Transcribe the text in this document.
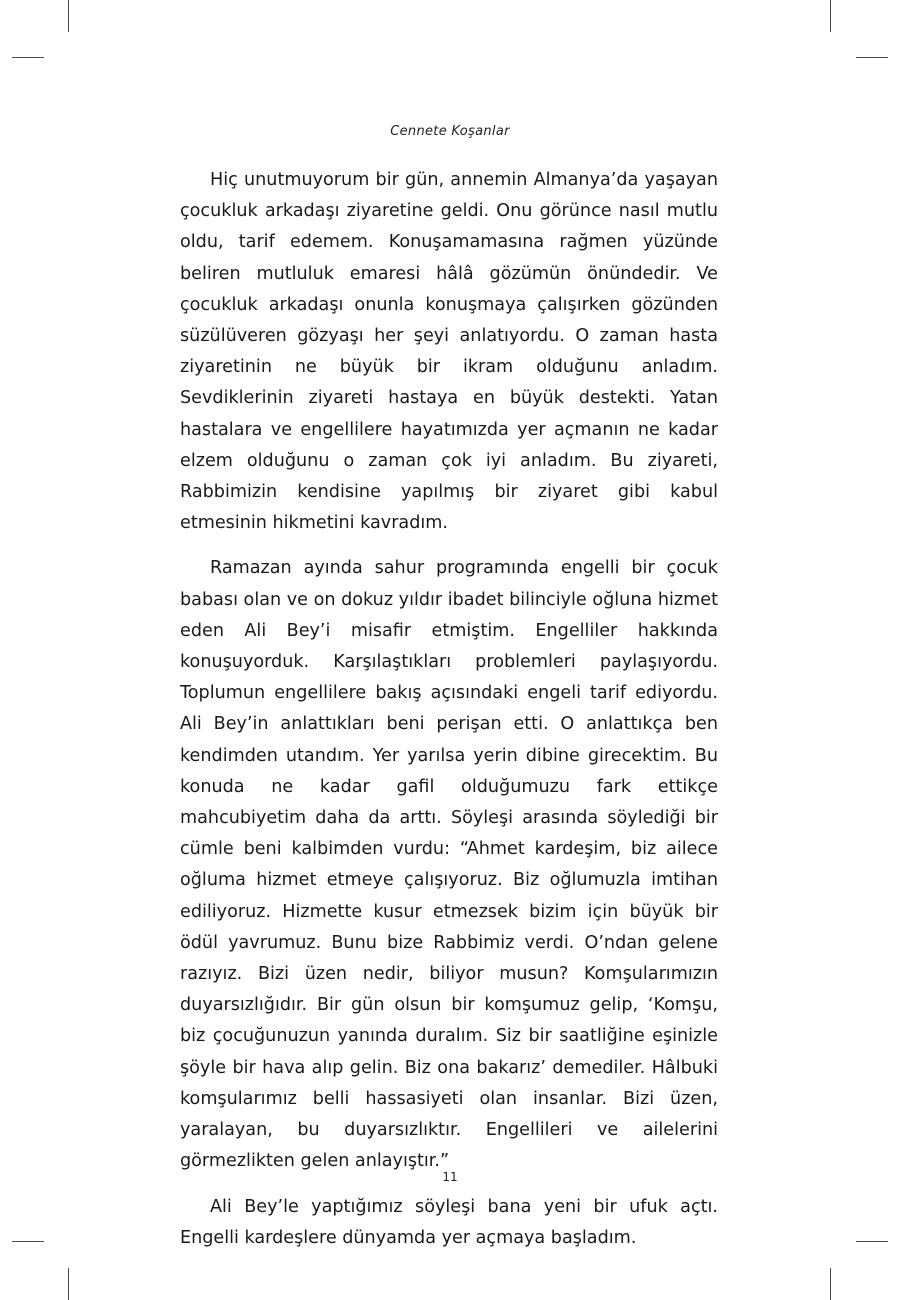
Cennete Koşanlar

Hiç unutmuyorum bir gün, annemin Almanya’da yaşayan çocukluk arkadaşı ziyaretine geldi. Onu görünce nasıl mutlu oldu, tarif edemem. Konuşamamasına rağmen yüzünde beliren mutluluk emaresi hâlâ gözümün önündedir. Ve çocukluk arkadaşı onunla konuşmaya çalışırken gözünden süzülüveren gözyaşı her şeyi anlatıyordu. O zaman hasta ziyaretinin ne büyük bir ikram olduğunu anladım. Sevdiklerinin ziyareti hastaya en büyük destekti. Yatan hastalara ve engellilere hayatımızda yer açmanın ne kadar elzem olduğunu o zaman çok iyi anladım. Bu ziyareti, Rabbimizin kendisine yapılmış bir ziyaret gibi kabul etmesinin hikmetini kavradım.

Ramazan ayında sahur programında engelli bir çocuk babası olan ve on dokuz yıldır ibadet bilinciyle oğluna hizmet eden Ali Bey’i misafir etmiştim. Engelliler hakkında konuşuyorduk. Karşılaştıkları problemleri paylaşıyordu. Toplumun engellilere bakış açısındaki engeli tarif ediyordu. Ali Bey’in anlattıkları beni perişan etti. O anlattıkça ben kendimden utandım. Yer yarılsa yerin dibine girecektim. Bu konuda ne kadar gafil olduğumuzu fark ettikçe mahcubiyetim daha da arttı. Söyleşi arasında söylediği bir cümle beni kalbimden vurdu: “Ahmet kardeşim, biz ailece oğluma hizmet etmeye çalışıyoruz. Biz oğlumuzla imtihan ediliyoruz. Hizmette kusur etmezsek bizim için büyük bir ödül yavrumuz. Bunu bize Rabbimiz verdi. O’ndan gelene razıyız. Bizi üzen nedir, biliyor musun? Komşularımızın duyarsızlığıdır. Bir gün olsun bir komşumuz gelip, ‘Komşu, biz çocuğunuzun yanında duralım. Siz bir saatliğine eşinizle şöyle bir hava alıp gelin. Biz ona bakarız’ demediler. Hâlbuki komşularımız belli hassasiyeti olan insanlar. Bizi üzen, yaralayan, bu duyarsızlıktır. Engellileri ve ailelerini görmezlikten gelen anlayıştır.”

Ali Bey’le yaptığımız söyleşi bana yeni bir ufuk açtı. Engelli kardeşlere dünyamda yer açmaya başladım.

11
